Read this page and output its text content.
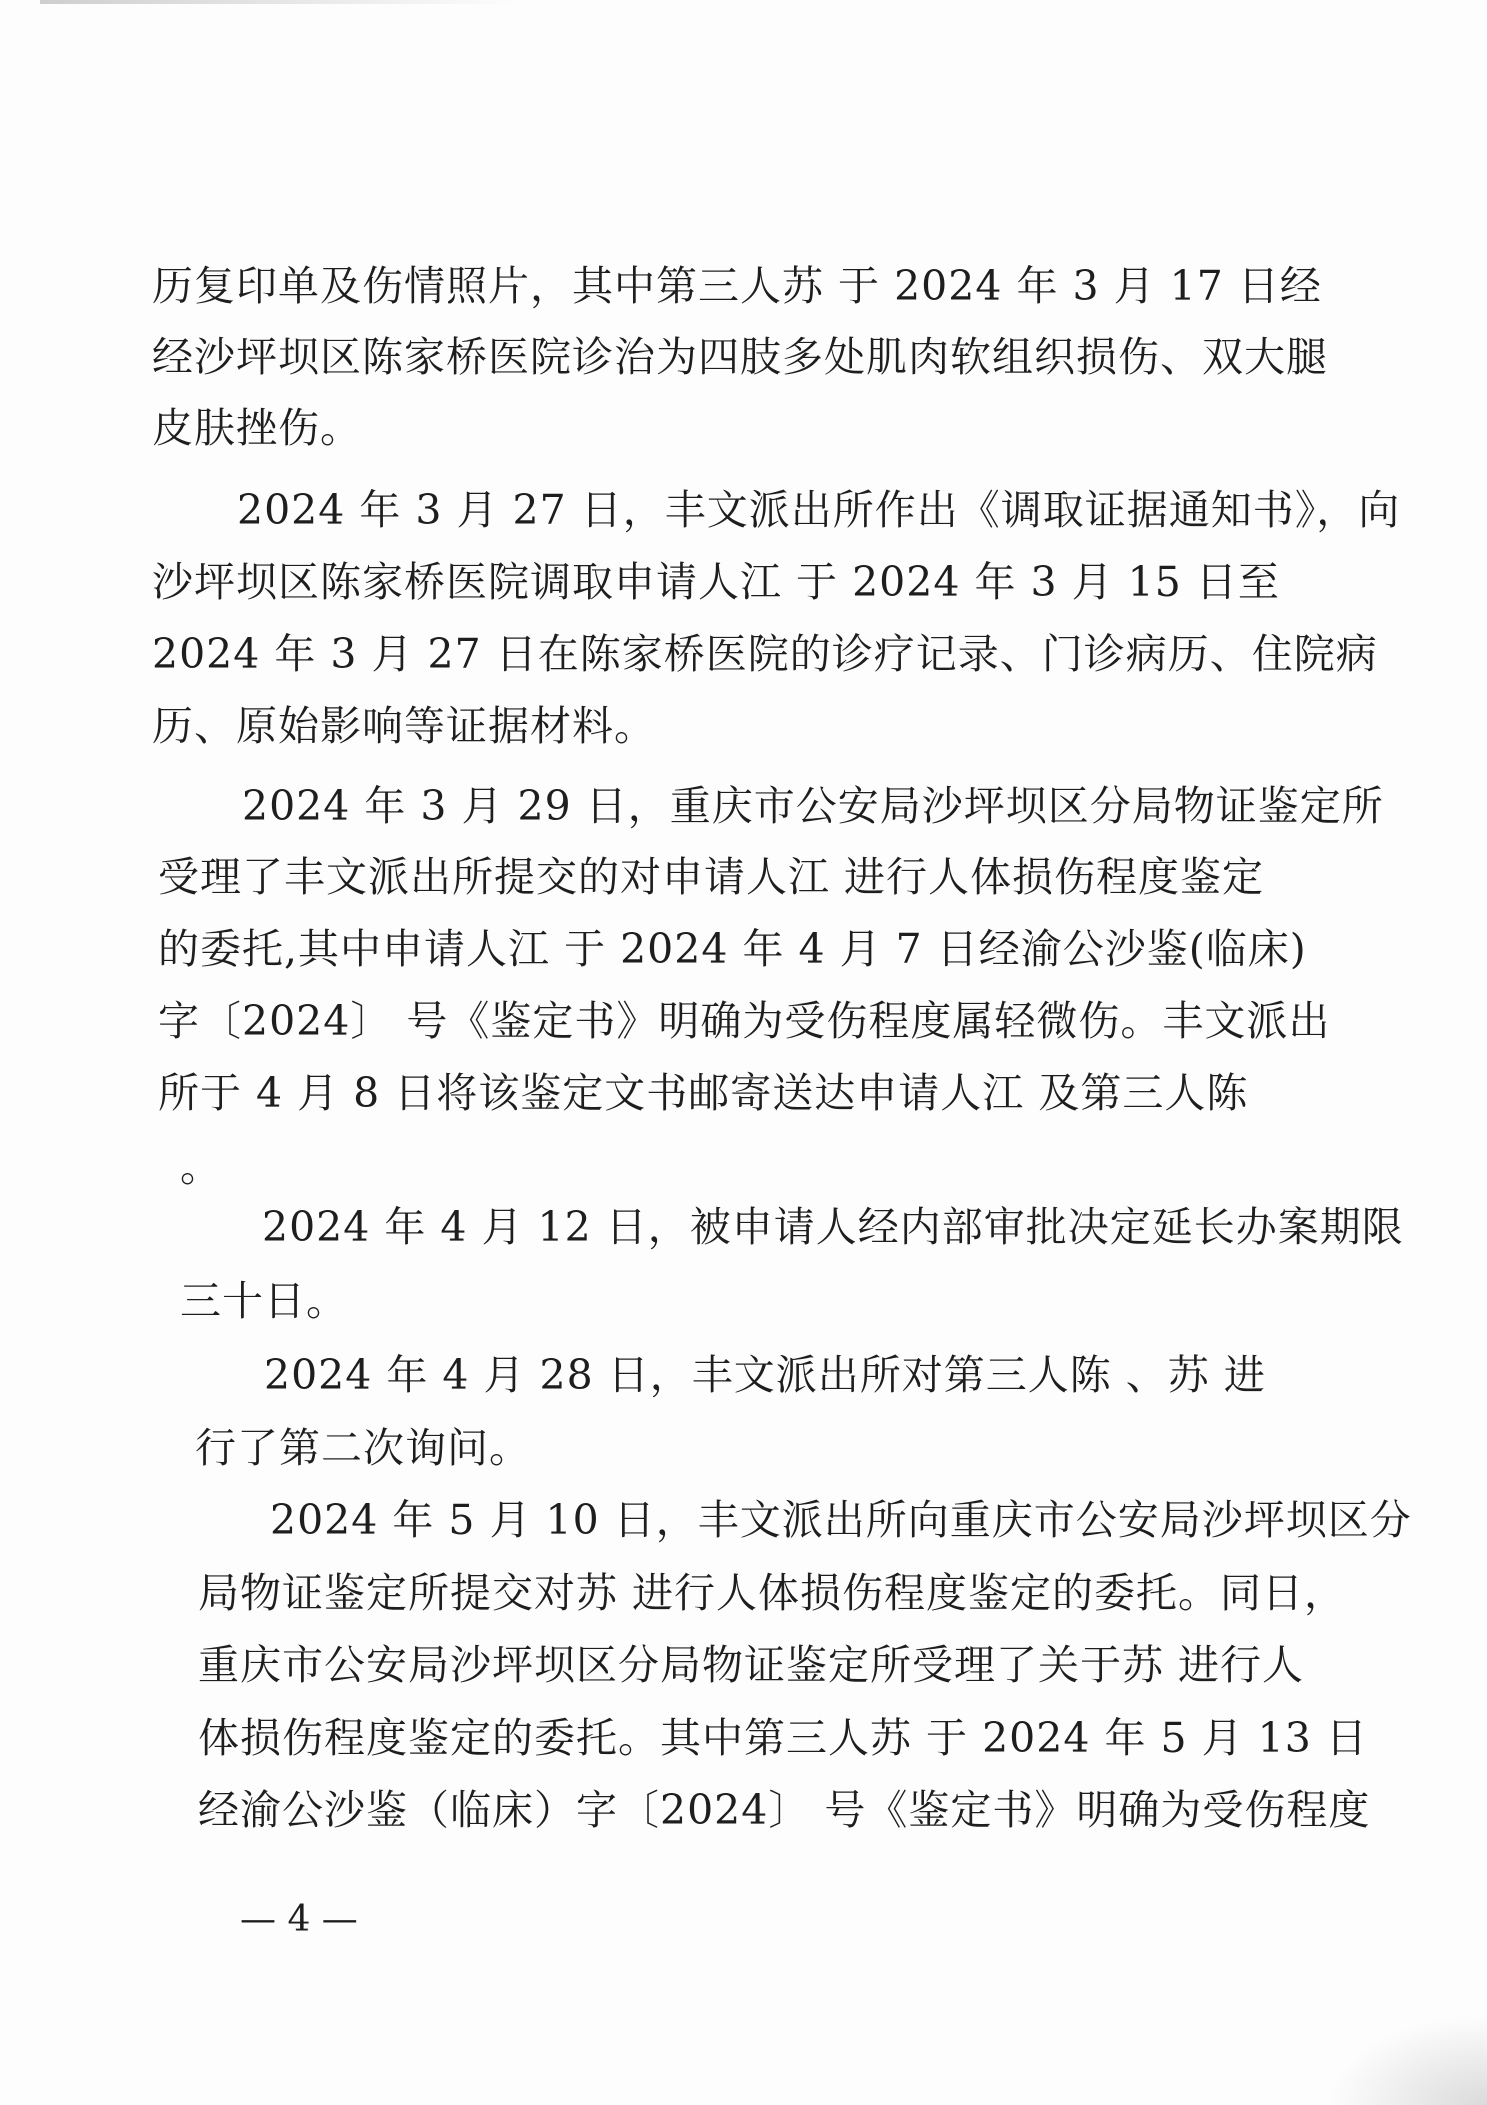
历复印单及伤情照片，其中第三人苏 于 2024 年 3 月 17 日经
经沙坪坝区陈家桥医院诊治为四肢多处肌肉软组织损伤、双大腿
皮肤挫伤。
2024 年 3 月 27 日，丰文派出所作出《调取证据通知书》，向
沙坪坝区陈家桥医院调取申请人江 于 2024 年 3 月 15 日至
2024 年 3 月 27 日在陈家桥医院的诊疗记录、门诊病历、住院病
历、原始影响等证据材料。
2024 年 3 月 29 日，重庆市公安局沙坪坝区分局物证鉴定所
受理了丰文派出所提交的对申请人江 进行人体损伤程度鉴定
的委托,其中申请人江 于 2024 年 4 月 7 日经渝公沙鉴(临床)
字〔2024〕 号《鉴定书》明确为受伤程度属轻微伤。丰文派出
所于 4 月 8 日将该鉴定文书邮寄送达申请人江 及第三人陈
。
2024 年 4 月 12 日，被申请人经内部审批决定延长办案期限
三十日。
2024 年 4 月 28 日，丰文派出所对第三人陈 、苏 进
行了第二次询问。
2024 年 5 月 10 日，丰文派出所向重庆市公安局沙坪坝区分
局物证鉴定所提交对苏 进行人体损伤程度鉴定的委托。同日，
重庆市公安局沙坪坝区分局物证鉴定所受理了关于苏 进行人
体损伤程度鉴定的委托。其中第三人苏 于 2024 年 5 月 13 日
经渝公沙鉴（临床）字〔2024〕 号《鉴定书》明确为受伤程度
— 4 —
